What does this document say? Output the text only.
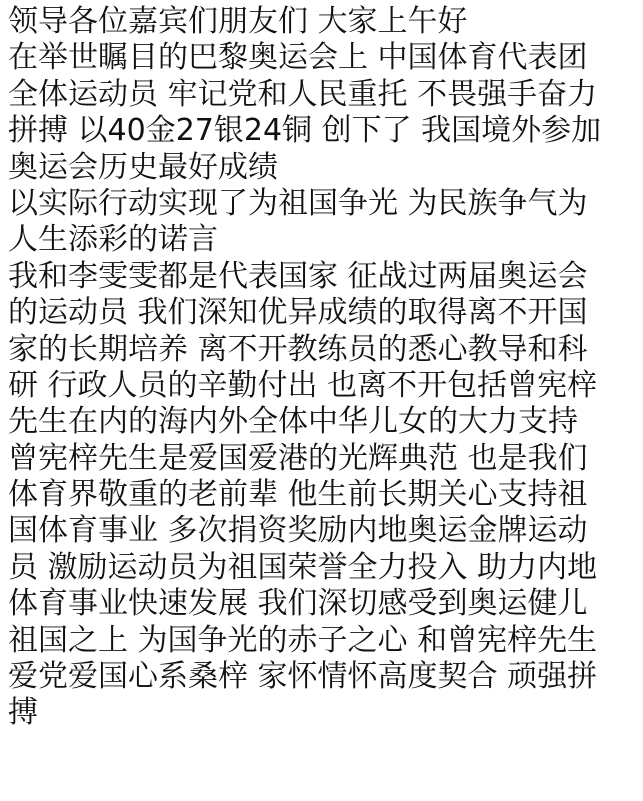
领导各位嘉宾们朋友们 大家上午好
在举世瞩目的巴黎奥运会上 中国体育代表团
全体运动员 牢记党和人民重托 不畏强手奋力
拼搏 以40金27银24铜 创下了 我国境外参加
奥运会历史最好成绩
以实际行动实现了为祖国争光 为民族争气为
人生添彩的诺言
我和李雯雯都是代表国家 征战过两届奥运会
的运动员 我们深知优异成绩的取得离不开国
家的长期培养 离不开教练员的悉心教导和科
研 行政人员的辛勤付出 也离不开包括曾宪梓
先生在内的海内外全体中华儿女的大力支持
曾宪梓先生是爱国爱港的光辉典范 也是我们
体育界敬重的老前辈 他生前长期关心支持祖
国体育事业 多次捐资奖励内地奥运金牌运动
员 激励运动员为祖国荣誉全力投入 助力内地
体育事业快速发展 我们深切感受到奥运健儿
祖国之上 为国争光的赤子之心 和曾宪梓先生
爱党爱国心系桑梓 家怀情怀高度契合 顽强拼
搏
